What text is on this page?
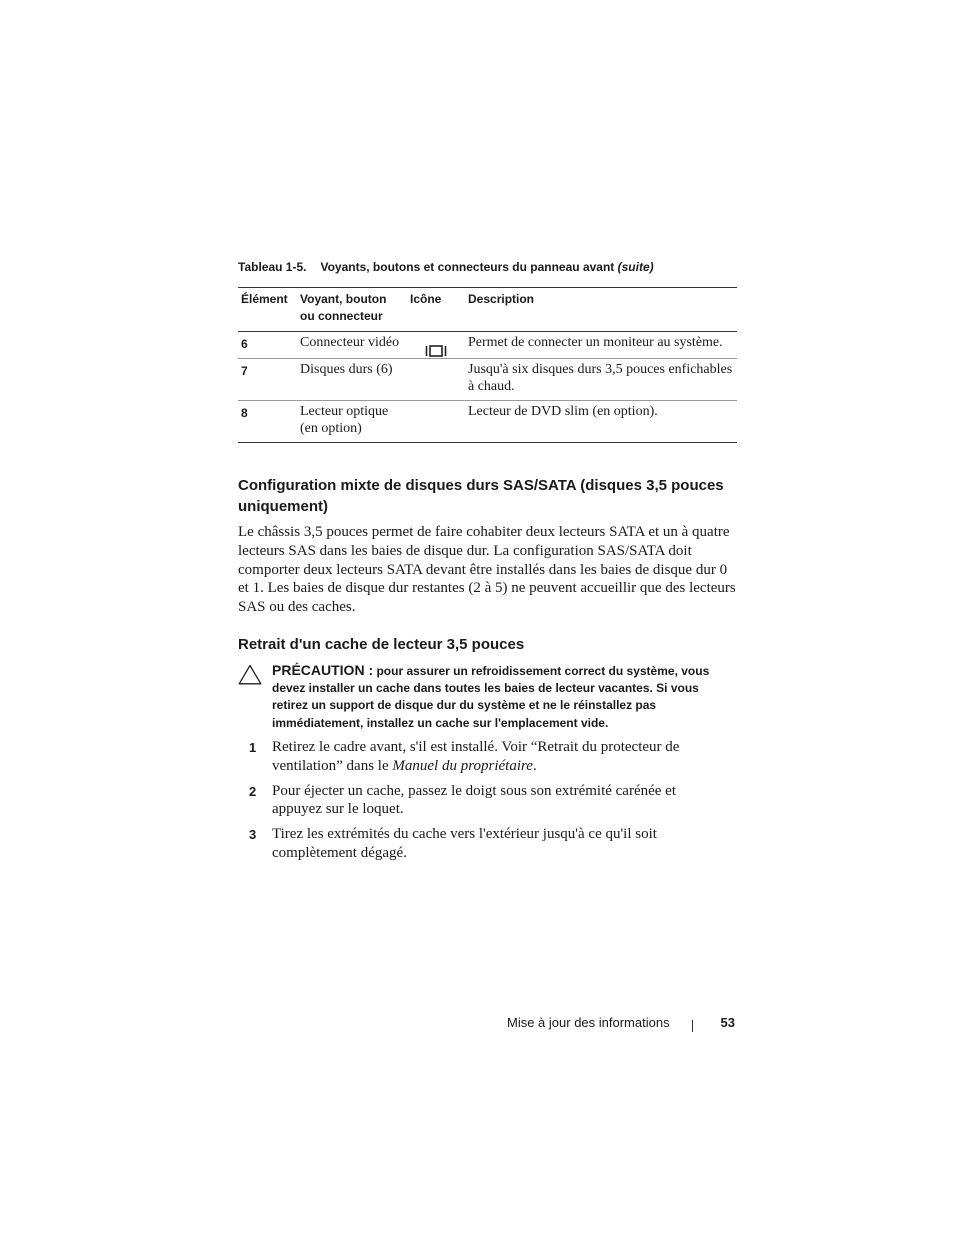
Tableau 1-5. Voyants, boutons et connecteurs du panneau avant (suite)
Élément	Voyant, bouton ou connecteur	Icône	Description
6	Connecteur vidéo		Permet de connecter un moniteur au système.
7	Disques durs (6)		Jusqu'à six disques durs 3,5 pouces enfichables à chaud.
8	Lecteur optique (en option)		Lecteur de DVD slim (en option).
Configuration mixte de disques durs SAS/SATA (disques 3,5 pouces uniquement)

Le châssis 3,5 pouces permet de faire cohabiter deux lecteurs SATA et un à quatre lecteurs SAS dans les baies de disque dur. La configuration SAS/SATA doit comporter deux lecteurs SATA devant être installés dans les baies de disque dur 0 et 1. Les baies de disque dur restantes (2 à 5) ne peuvent accueillir que des lecteurs SAS ou des caches.

Retrait d'un cache de lecteur 3,5 pouces
PRÉCAUTION : pour assurer un refroidissement correct du système, vous devez installer un cache dans toutes les baies de lecteur vacantes. Si vous retirez un support de disque dur du système et ne le réinstallez pas immédiatement, installez un cache sur l'emplacement vide.
1 Retirez le cadre avant, s'il est installé. Voir “Retrait du protecteur de ventilation” dans le Manuel du propriétaire.
2 Pour éjecter un cache, passez le doigt sous son extrémité carénée et appuyez sur le loquet.
3 Tirez les extrémités du cache vers l'extérieur jusqu'à ce qu'il soit complètement dégagé.
Mise à jour des informations	53
